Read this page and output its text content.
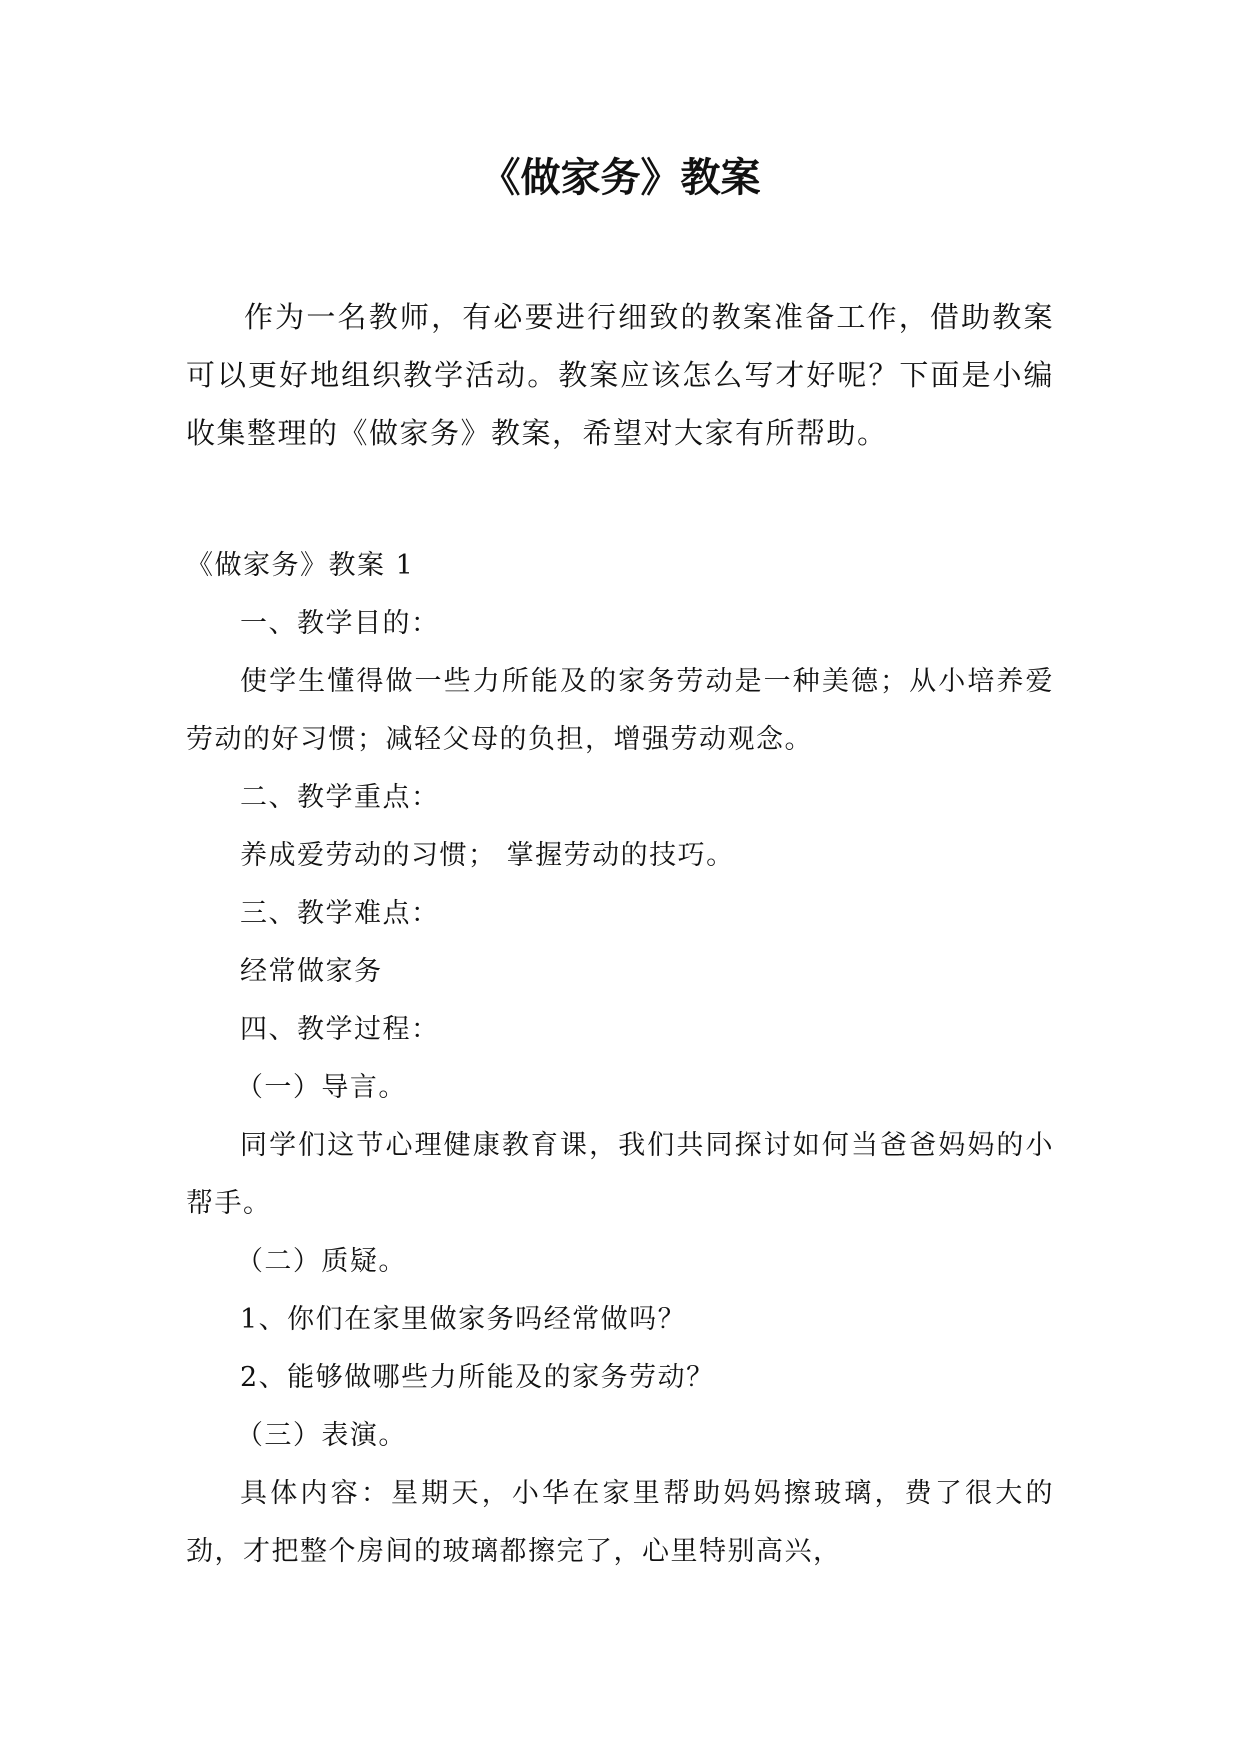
《做家务》教案

作为一名教师，有必要进行细致的教案准备工作，借助教案可以更好地组织教学活动。教案应该怎么写才好呢？下面是小编收集整理的《做家务》教案，希望对大家有所帮助。

《做家务》教案 1

一、教学目的：

使学生懂得做一些力所能及的家务劳动是一种美德；从小培养爱劳动的好习惯；减轻父母的负担，增强劳动观念。

二、教学重点：

养成爱劳动的习惯； 掌握劳动的技巧。

三、教学难点：

经常做家务

四、教学过程：

（一）导言。

同学们这节心理健康教育课，我们共同探讨如何当爸爸妈妈的小帮手。

（二）质疑。

1、你们在家里做家务吗经常做吗？

2、能够做哪些力所能及的家务劳动？

（三）表演。

具体内容：星期天，小华在家里帮助妈妈擦玻璃，费了很大的劲，才把整个房间的玻璃都擦完了，心里特别高兴，
